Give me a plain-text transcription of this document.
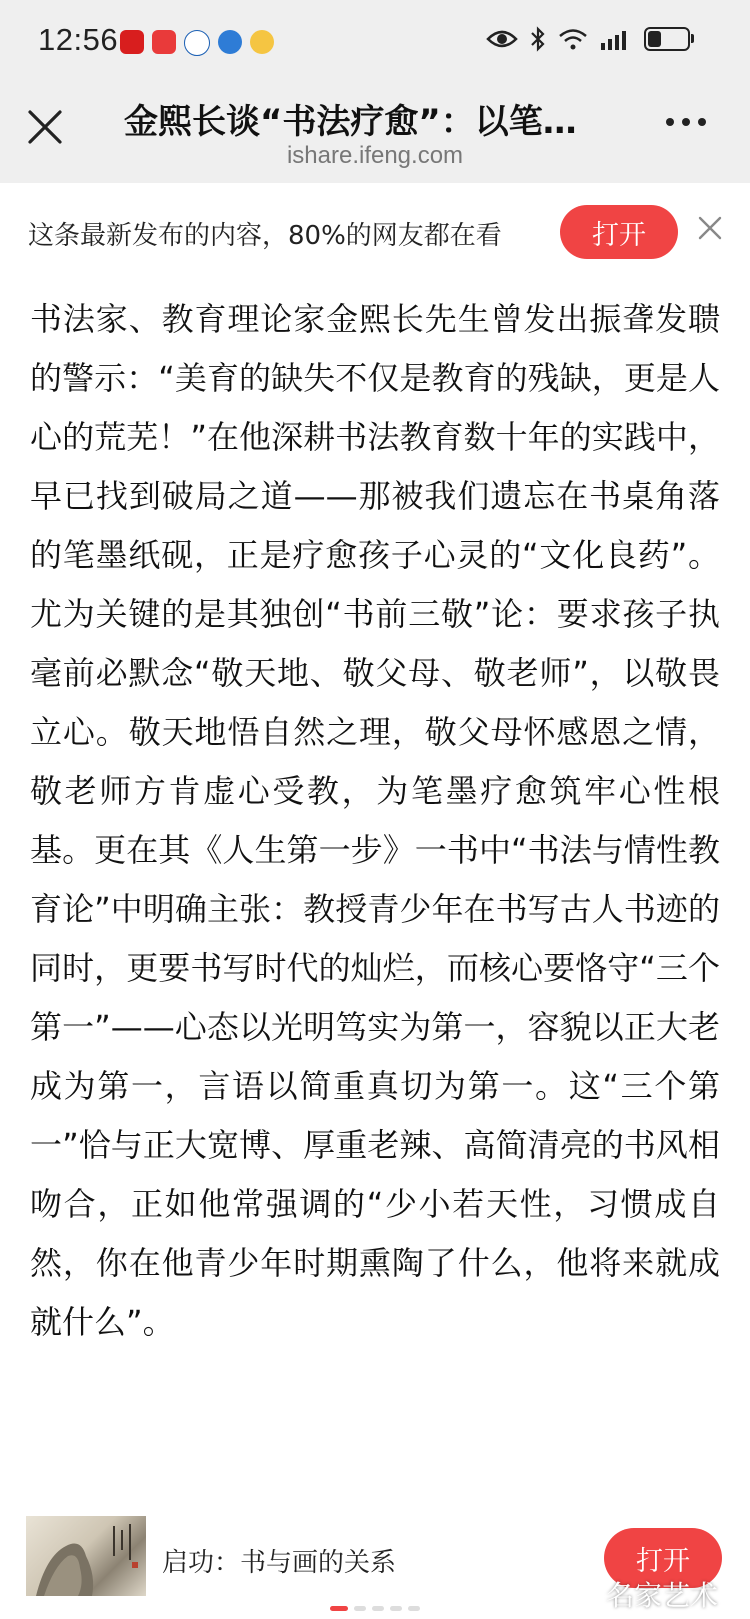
12:56
金熙长谈“书法疗愈”：以笔…
ishare.ifeng.com
这条最新发布的内容，80%的网友都在看	打开

书法家、教育理论家金熙长先生曾发出振聋发聩的警示：“美育的缺失不仅是教育的残缺，更是人心的荒芜！”在他深耕书法教育数十年的实践中，早已找到破局之道——那被我们遗忘在书桌角落的笔墨纸砚，正是疗愈孩子心灵的“文化良药”。尤为关键的是其独创“书前三敬”论：要求孩子执毫前必默念“敬天地、敬父母、敬老师”，以敬畏立心。敬天地悟自然之理，敬父母怀感恩之情，敬老师方肯虚心受教，为笔墨疗愈筑牢心性根基。更在其《人生第一步》一书中“书法与情性教育论”中明确主张：教授青少年在书写古人书迹的同时，更要书写时代的灿烂，而核心要恪守“三个第一”——心态以光明笃实为第一，容貌以正大老成为第一，言语以简重真切为第一。这“三个第一”恰与正大宽博、厚重老辣、高简清亮的书风相吻合，正如他常强调的“少小若天性，习惯成自然，你在他青少年时期熏陶了什么，他将来就成就什么”。

启功：书与画的关系	打开
名家艺术
